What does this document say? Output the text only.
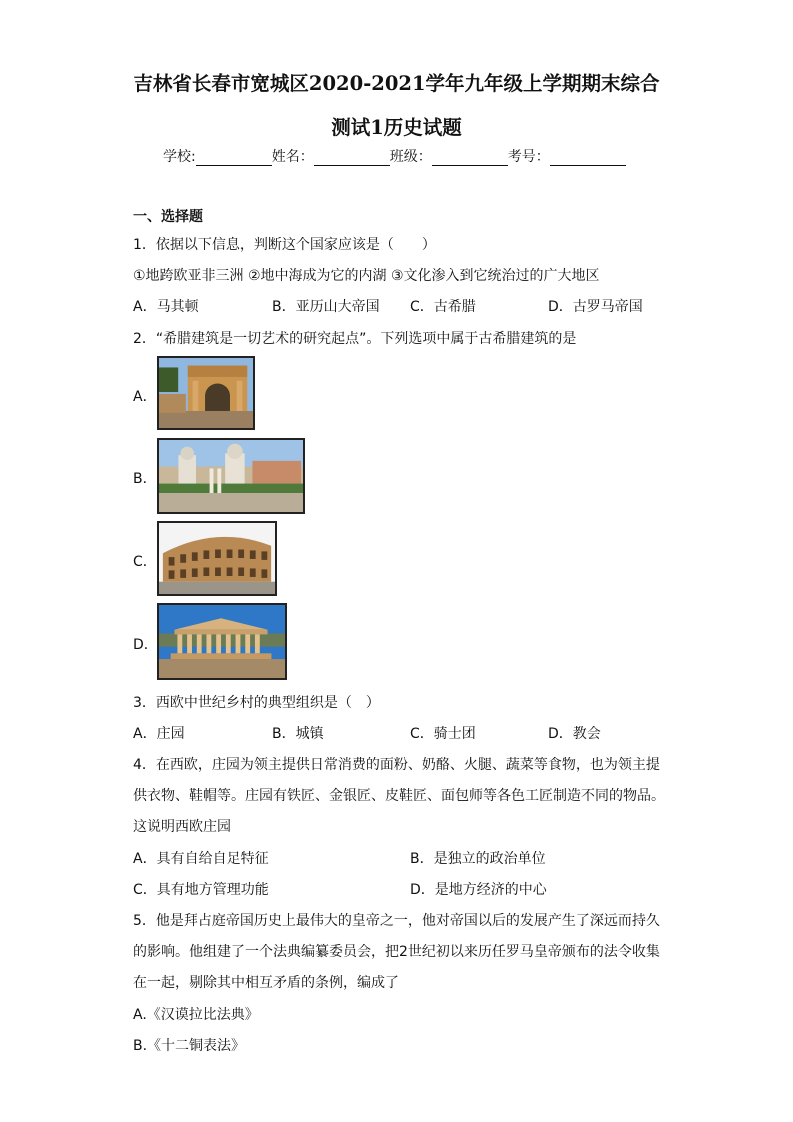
吉林省长春市宽城区2020-2021学年九年级上学期期末综合
测试1历史试题
学校:	姓名：	班级：	考号：
一、选择题
1．依据以下信息，判断这个国家应该是（　　）
①地跨欧亚非三洲 ②地中海成为它的内湖 ③文化渗入到它统治过的广大地区
A．马其顿	B．亚历山大帝国 C．古希腊	D．古罗马帝国
2．“希腊建筑是一切艺术的研究起点”。下列选项中属于古希腊建筑的是
A．
B．
C．
D．
3．西欧中世纪乡村的典型组织是（　）
A．庄园	B．城镇	C．骑士团	D．教会
4．在西欧，庄园为领主提供日常消费的面粉、奶酪、火腿、蔬菜等食物，也为领主提
供衣物、鞋帽等。庄园有铁匠、金银匠、皮鞋匠、面包师等各色工匠制造不同的物品。
这说明西欧庄园
A．具有自给自足特征	B．是独立的政治单位
C．具有地方管理功能	D．是地方经济的中心
5．他是拜占庭帝国历史上最伟大的皇帝之一，他对帝国以后的发展产生了深远而持久
的影响。他组建了一个法典编纂委员会，把2世纪初以来历任罗马皇帝颁布的法令收集
在一起，剔除其中相互矛盾的条例，编成了
A.《汉谟拉比法典》
B.《十二铜表法》
